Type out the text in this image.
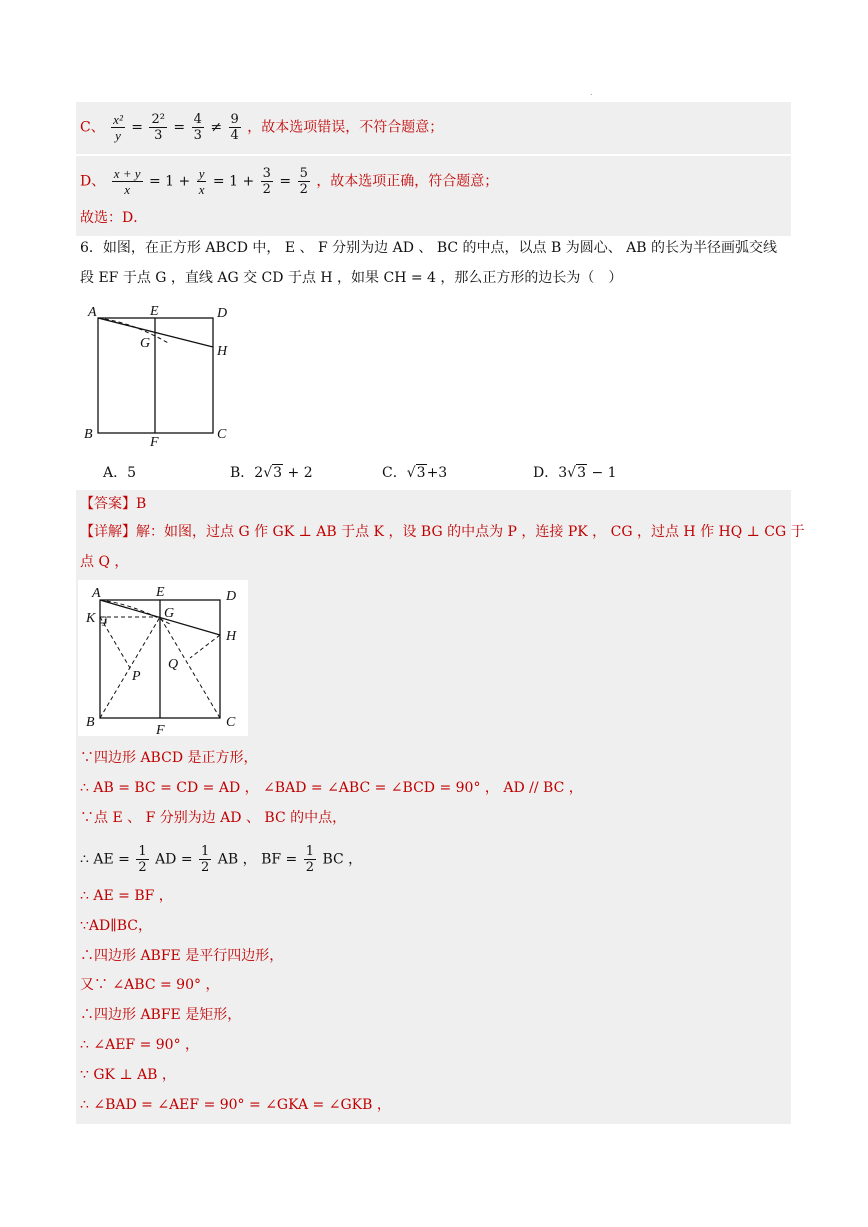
.
C、 $\frac{\text{x²}}{y} = \frac{\text{2²}}{3} = \frac{4}{3} \ne \frac{9}{4}$ ，故本选项错误，不符合题意；
D、 $\frac{x + y}{x} = 1 + \frac{y}{x} = 1 + \frac{3}{2} = \frac{5}{2}$ ，故本选项正确，符合题意；
故选：D．
6．如图，在正方形 ABCD 中， E 、 F 分别为边 AD 、 BC 的中点，以点 B 为圆心、 AB 的长为半径画弧交线
段 EF 于点 G ，直线 AG 交 CD 于点 H ，如果 CH = 4 ，那么正方形的边长为（　）
A	E	D
G
H
B
F
C
A．5	B．2√3 + 2	C．√3+3	D．3√3 − 1
【答案】B
【详解】解：如图，过点 G 作 GK ⊥ AB 于点 K ，设 BG 的中点为 P ，连接 PK ， CG ，过点 H 作 HQ ⊥ CG 于
点 Q ，
A	E	D
K J
G
H
P
Q
B
F
C
∵四边形 ABCD 是正方形，
∴ AB = BC = CD = AD ， ∠BAD = ∠ABC = ∠BCD = 90° ， AD // BC ，
∵点 E 、 F 分别为边 AD 、 BC 的中点，
∴ AE = $\frac{1}{2}$ AD = $\frac{1}{2}$ AB ， BF = $\frac{1}{2}$ BC ，
∴ AE = BF ，
∵AD∥BC，
∴四边形 ABFE 是平行四边形，
又∵ ∠ABC = 90° ，
∴四边形 ABFE 是矩形，
∴ ∠AEF = 90° ，
∵ GK ⊥ AB ，
∴ ∠BAD = ∠AEF = 90° = ∠GKA = ∠GKB ，
